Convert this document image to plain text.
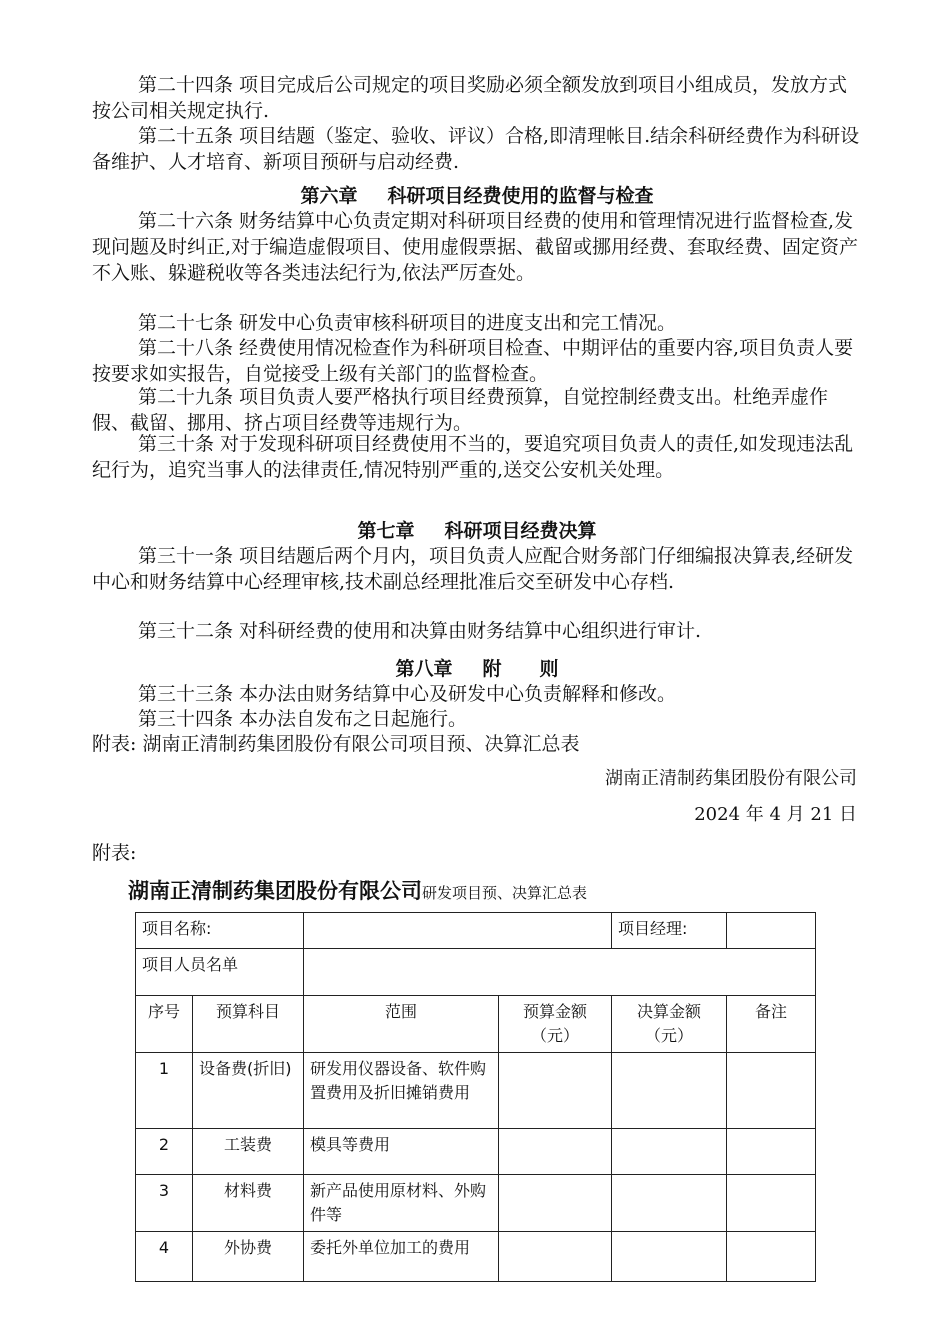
第二十四条 项目完成后公司规定的项目奖励必须全额发放到项目小组成员，发放方式按公司相关规定执行.

第二十五条 项目结题（鉴定、验收、评议）合格,即清理帐目.结余科研经费作为科研设备维护、人才培育、新项目预研与启动经费.

第六章 科研项目经费使用的监督与检查

第二十六条 财务结算中心负责定期对科研项目经费的使用和管理情况进行监督检查,发现问题及时纠正,对于编造虚假项目、使用虚假票据、截留或挪用经费、套取经费、固定资产不入账、躲避税收等各类违法纪行为,依法严厉查处。

第二十七条 研发中心负责审核科研项目的进度支出和完工情况。

第二十八条 经费使用情况检查作为科研项目检查、中期评估的重要内容,项目负责人要按要求如实报告，自觉接受上级有关部门的监督检查。

第二十九条 项目负责人要严格执行项目经费预算，自觉控制经费支出。杜绝弄虚作假、截留、挪用、挤占项目经费等违规行为。

第三十条 对于发现科研项目经费使用不当的，要追究项目负责人的责任,如发现违法乱纪行为，追究当事人的法律责任,情况特别严重的,送交公安机关处理。

第七章 科研项目经费决算

第三十一条 项目结题后两个月内，项目负责人应配合财务部门仔细编报决算表,经研发中心和财务结算中心经理审核,技术副总经理批准后交至研发中心存档.

第三十二条 对科研经费的使用和决算由财务结算中心组织进行审计.

第八章 附　　则

第三十三条 本办法由财务结算中心及研发中心负责解释和修改。

第三十四条 本办法自发布之日起施行。

附表: 湖南正清制药集团股份有限公司项目预、决算汇总表

湖南正清制药集团股份有限公司
2024 年 4 月 21 日

附表:

湖南正清制药集团股份有限公司研发项目预、决算汇总表
项目名称:				项目经理:	

项目人员名单					
序号	预算科目	范围	预算金额（元）	决算金额（元）	备注
1	设备费(折旧)	研发用仪器设备、软件购置费用及折旧摊销费用			
2	工装费	模具等费用			
3	材料费	新产品使用原材料、外购件等			
4	外协费	委托外单位加工的费用			
